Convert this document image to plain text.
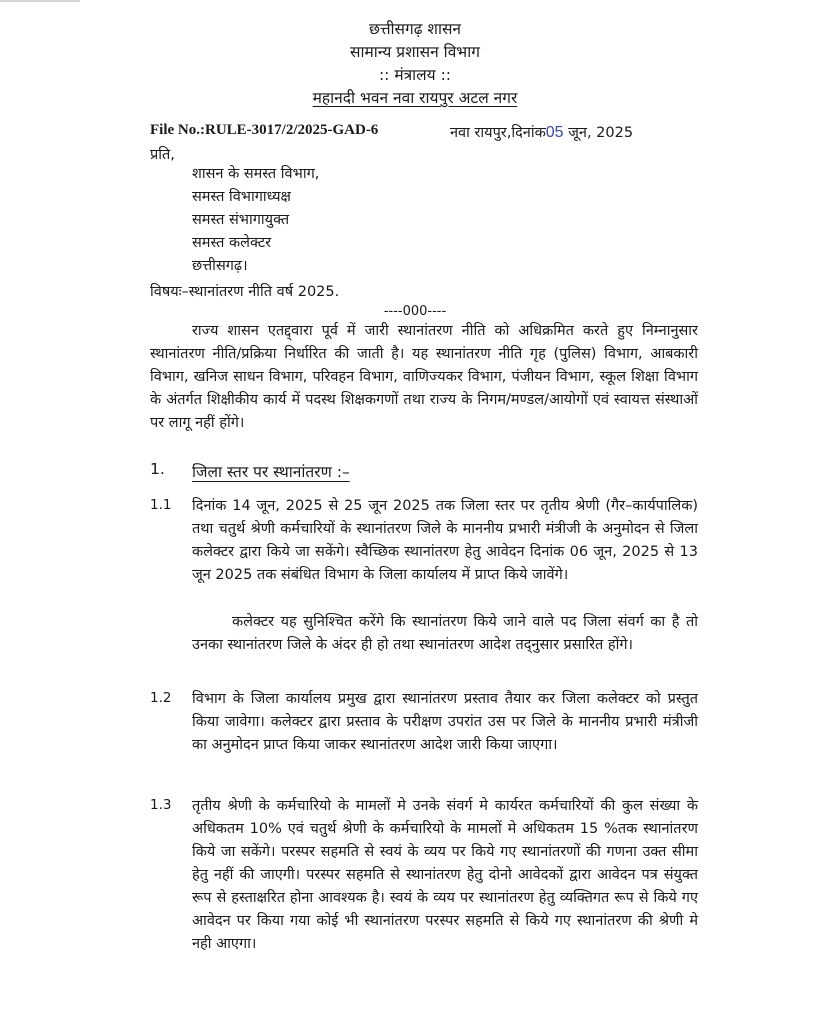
छत्तीसगढ़ शासन
सामान्य प्रशासन विभाग
:: मंत्रालय ::
महानदी भवन नवा रायपुर अटल नगर
File No.:RULE-3017/2/2025-GAD-6	नवा रायपुर,दिनांक05 जून, 2025
प्रति,
शासन के समस्त विभाग,
समस्त विभागाध्यक्ष
समस्त संभागायुक्त
समस्त कलेक्टर
छत्तीसगढ़।
विषयः–स्थानांतरण नीति वर्ष 2025.
----000----
राज्य शासन एतद्द्वारा पूर्व में जारी स्थानांतरण नीति को अधिक्रमित करते हुए निम्नानुसार स्थानांतरण नीति/प्रक्रिया निर्धारित की जाती है। यह स्थानांतरण नीति गृह (पुलिस) विभाग, आबकारी विभाग, खनिज साधन विभाग, परिवहन विभाग, वाणिज्यकर विभाग, पंजीयन विभाग, स्कूल शिक्षा विभाग के अंतर्गत शिक्षीकीय कार्य में पदस्थ शिक्षकगणों तथा राज्य के निगम/मण्डल/आयोगों एवं स्वायत्त संस्थाओं पर लागू नहीं होंगे।
1. जिला स्तर पर स्थानांतरण :–
1.1 दिनांक 14 जून, 2025 से 25 जून 2025 तक जिला स्तर पर तृतीय श्रेणी (गैर–कार्यपालिक) तथा चतुर्थ श्रेणी कर्मचारियों के स्थानांतरण जिले के माननीय प्रभारी मंत्रीजी के अनुमोदन से जिला कलेक्टर द्वारा किये जा सकेंगे। स्वैच्छिक स्थानांतरण हेतु आवेदन दिनांक 06 जून, 2025 से 13 जून 2025 तक संबंधित विभाग के जिला कार्यालय में प्राप्त किये जावेंगे।
कलेक्टर यह सुनिश्चित करेंगे कि स्थानांतरण किये जाने वाले पद जिला संवर्ग का है तो उनका स्थानांतरण जिले के अंदर ही हो तथा स्थानांतरण आदेश तद्नुसार प्रसारित होंगे।
1.2 विभाग के जिला कार्यालय प्रमुख द्वारा स्थानांतरण प्रस्ताव तैयार कर जिला कलेक्टर को प्रस्तुत किया जावेगा। कलेक्टर द्वारा प्रस्ताव के परीक्षण उपरांत उस पर जिले के माननीय प्रभारी मंत्रीजी का अनुमोदन प्राप्त किया जाकर स्थानांतरण आदेश जारी किया जाएगा।
1.3 तृतीय श्रेणी के कर्मचारियो के मामलों मे उनके संवर्ग मे कार्यरत कर्मचारियों की कुल संख्या के अधिकतम 10% एवं चतुर्थ श्रेणी के कर्मचारियो के मामलों मे अधिकतम 15 %तक स्थानांतरण किये जा सकेंगे। परस्पर सहमति से स्वयं के व्यय पर किये गए स्थानांतरणों की गणना उक्त सीमा हेतु नहीं की जाएगी। परस्पर सहमति से स्थानांतरण हेतु दोनो आवेदकों द्वारा आवेदन पत्र संयुक्त रूप से हस्ताक्षरित होना आवश्यक है। स्वयं के व्यय पर स्थानांतरण हेतु व्यक्तिगत रूप से किये गए आवेदन पर किया गया कोई भी स्थानांतरण परस्पर सहमति से किये गए स्थानांतरण की श्रेणी मे नही आएगा।
